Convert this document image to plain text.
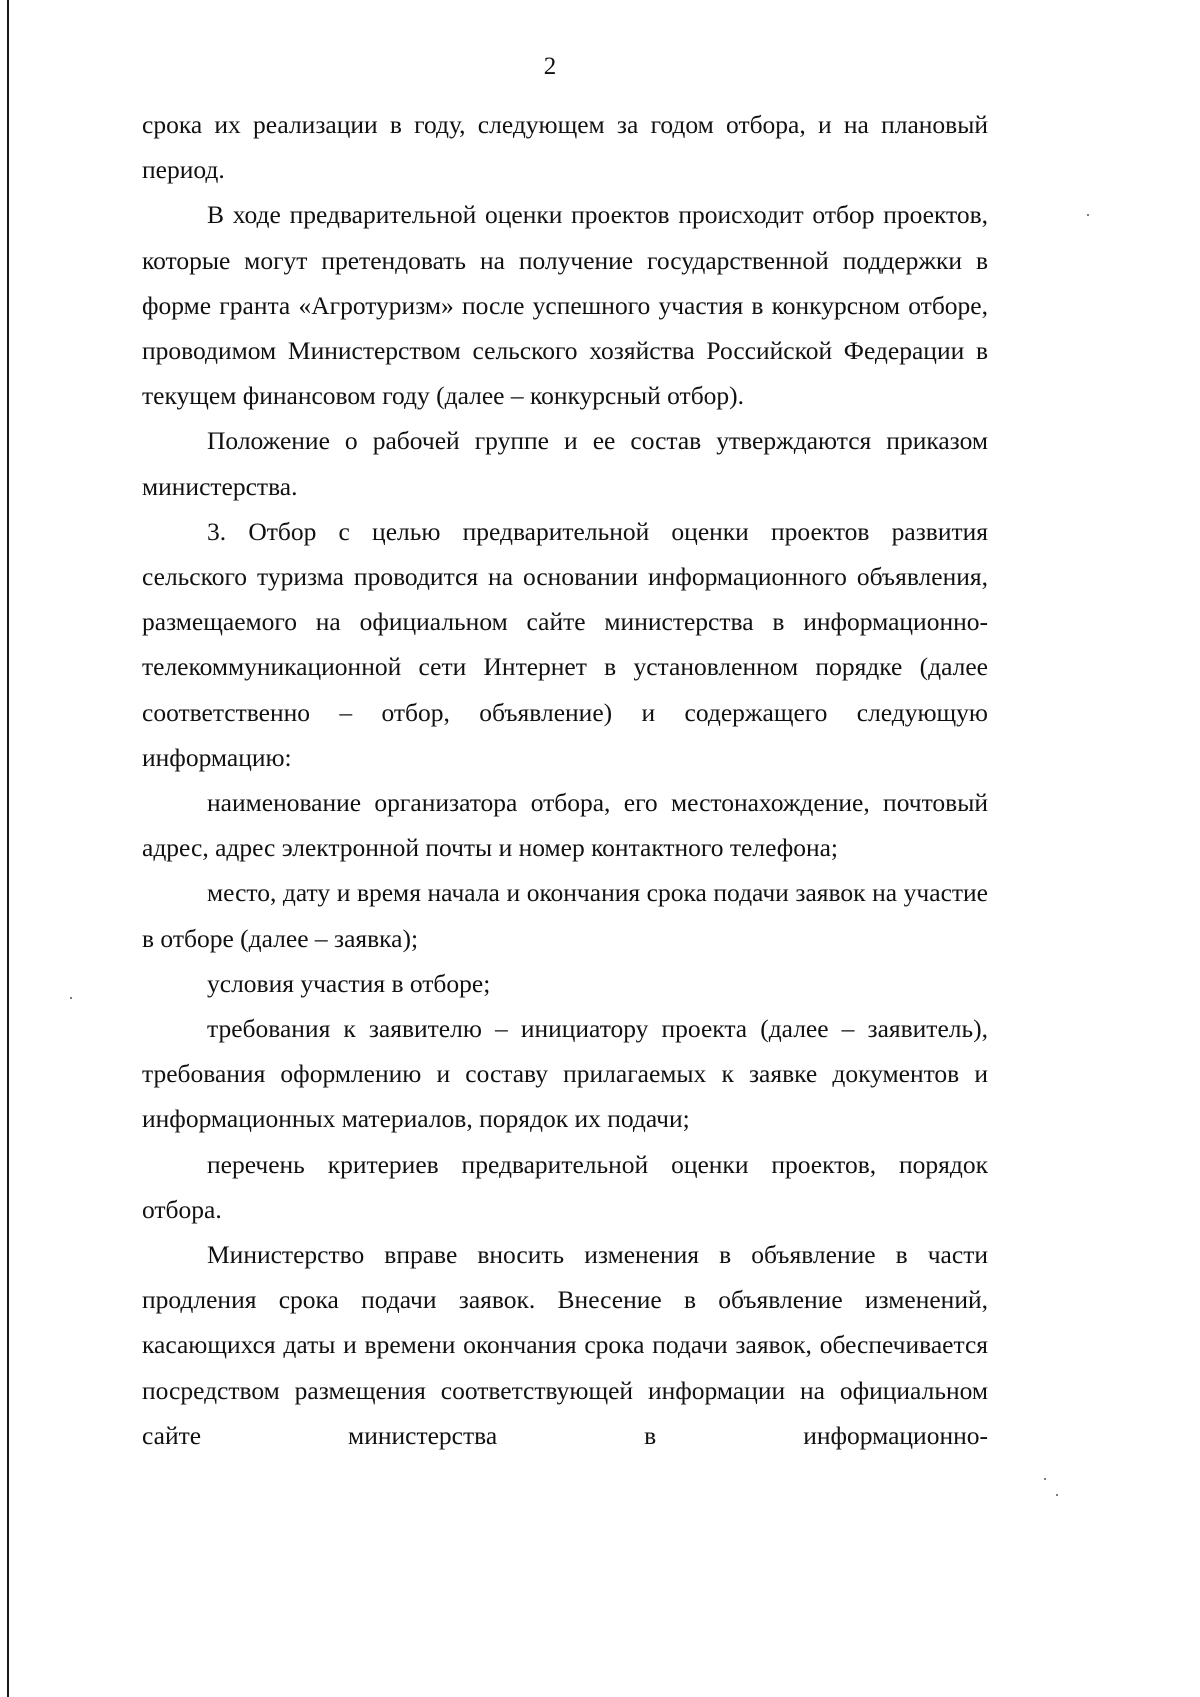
2

срока их реализации в году, следующем за годом отбора, и на плановый период.

В ходе предварительной оценки проектов происходит отбор проектов, которые могут претендовать на получение государственной поддержки в форме гранта «Агротуризм» после успешного участия в конкурсном отборе, проводимом Министерством сельского хозяйства Российской Федерации в текущем финансовом году (далее – конкурсный отбор).

Положение о рабочей группе и ее состав утверждаются приказом министерства.

3. Отбор с целью предварительной оценки проектов развития сельского туризма проводится на основании информационного объявления, размещаемого на официальном сайте министерства в информационно-телекоммуникационной сети Интернет в установленном порядке (далее соответственно – отбор, объявление) и содержащего следующую информацию:

наименование организатора отбора, его местонахождение, почтовый адрес, адрес электронной почты и номер контактного телефона;

место, дату и время начала и окончания срока подачи заявок на участие в отборе (далее – заявка);

условия участия в отборе;

требования к заявителю – инициатору проекта (далее – заявитель), требования оформлению и составу прилагаемых к заявке документов и информационных материалов, порядок их подачи;

перечень критериев предварительной оценки проектов, порядок отбора.

Министерство вправе вносить изменения в объявление в части продления срока подачи заявок. Внесение в объявление изменений, касающихся даты и времени окончания срока подачи заявок, обеспечивается посредством размещения соответствующей информации на официальном сайте министерства в информационно-
